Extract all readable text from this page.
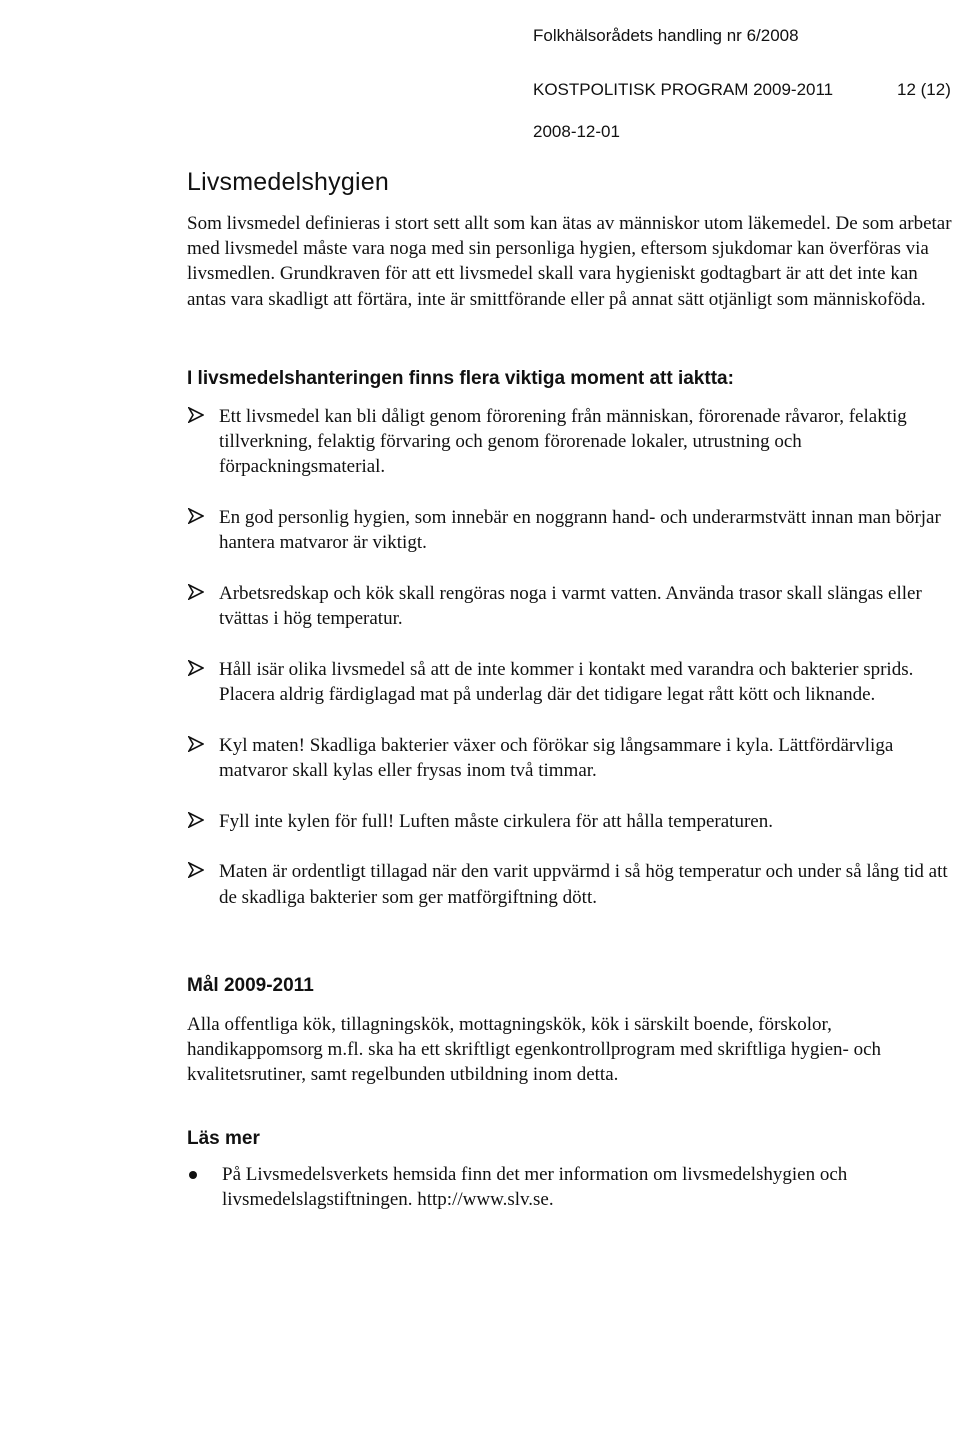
Folkhälsorådets handling nr 6/2008
KOSTPOLITISK PROGRAM 2009-2011	12 (12)
2008-12-01
Livsmedelshygien

Som livsmedel definieras i stort sett allt som kan ätas av människor utom läkemedel. De som arbetar med livsmedel måste vara noga med sin personliga hygien, eftersom sjukdomar kan överföras via livsmedlen. Grundkraven för att ett livsmedel skall vara hygieniskt godtagbart är att det inte kan antas vara skadligt att förtära, inte är smittförande eller på annat sätt otjänligt som människoföda.

I livsmedelshanteringen finns flera viktiga moment att iaktta:
Ett livsmedel kan bli dåligt genom förorening från människan, förorenade råvaror, felaktig tillverkning, felaktig förvaring och genom förorenade lokaler, utrustning och förpackningsmaterial.
En god personlig hygien, som innebär en noggrann hand- och underarmstvätt innan man börjar hantera matvaror är viktigt.
Arbetsredskap och kök skall rengöras noga i varmt vatten. Använda trasor skall slängas eller tvättas i hög temperatur.
Håll isär olika livsmedel så att de inte kommer i kontakt med varandra och bakterier sprids. Placera aldrig färdiglagad mat på underlag där det tidigare legat rått kött och liknande.
Kyl maten! Skadliga bakterier växer och förökar sig långsammare i kyla. Lättfördärvliga matvaror skall kylas eller frysas inom två timmar.
Fyll inte kylen för full! Luften måste cirkulera för att hålla temperaturen.
Maten är ordentligt tillagad när den varit uppvärmd i så hög temperatur och under så lång tid att de skadliga bakterier som ger matförgiftning dött.
Mål 2009-2011

Alla offentliga kök, tillagningskök, mottagningskök, kök i särskilt boende, förskolor, handikappomsorg m.fl. ska ha ett skriftligt egenkontrollprogram med skriftliga hygien- och kvalitetsrutiner, samt regelbunden utbildning inom detta.

Läs mer
På Livsmedelsverkets hemsida finn det mer information om livsmedelshygien och livsmedelslagstiftningen. http://www.slv.se.
